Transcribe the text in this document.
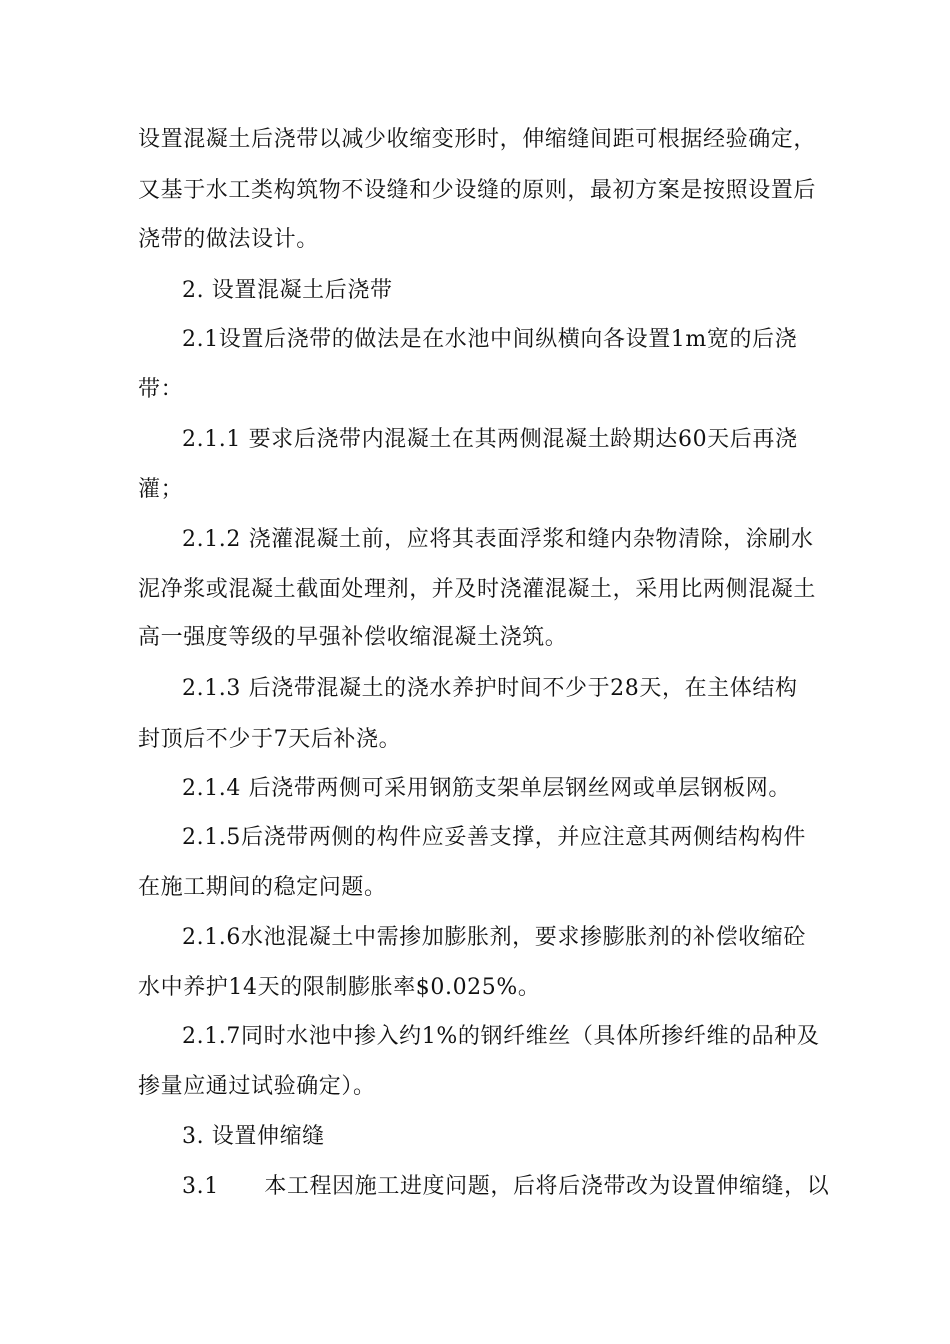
设置混凝土后浇带以减少收缩变形时，伸缩缝间距可根据经验确定，
又基于水工类构筑物不设缝和少设缝的原则，最初方案是按照设置后
浇带的做法设计。
2. 设置混凝土后浇带
2.1设置后浇带的做法是在水池中间纵横向各设置1m宽的后浇
带：
2.1.1 要求后浇带内混凝土在其两侧混凝土龄期达60天后再浇
灌；
2.1.2 浇灌混凝土前，应将其表面浮浆和缝内杂物清除，涂刷水
泥净浆或混凝土截面处理剂，并及时浇灌混凝土，采用比两侧混凝土
高一强度等级的早强补偿收缩混凝土浇筑。
2.1.3 后浇带混凝土的浇水养护时间不少于28天，在主体结构
封顶后不少于7天后补浇。
2.1.4 后浇带两侧可采用钢筋支架单层钢丝网或单层钢板网。
2.1.5后浇带两侧的构件应妥善支撑，并应注意其两侧结构构件
在施工期间的稳定问题。
2.1.6水池混凝土中需掺加膨胀剂，要求掺膨胀剂的补偿收缩砼
水中养护14天的限制膨胀率$0.025%。
2.1.7同时水池中掺入约1%的钢纤维丝（具体所掺纤维的品种及
掺量应通过试验确定）。
3. 设置伸缩缝
3.1      本工程因施工进度问题，后将后浇带改为设置伸缩缝，以
